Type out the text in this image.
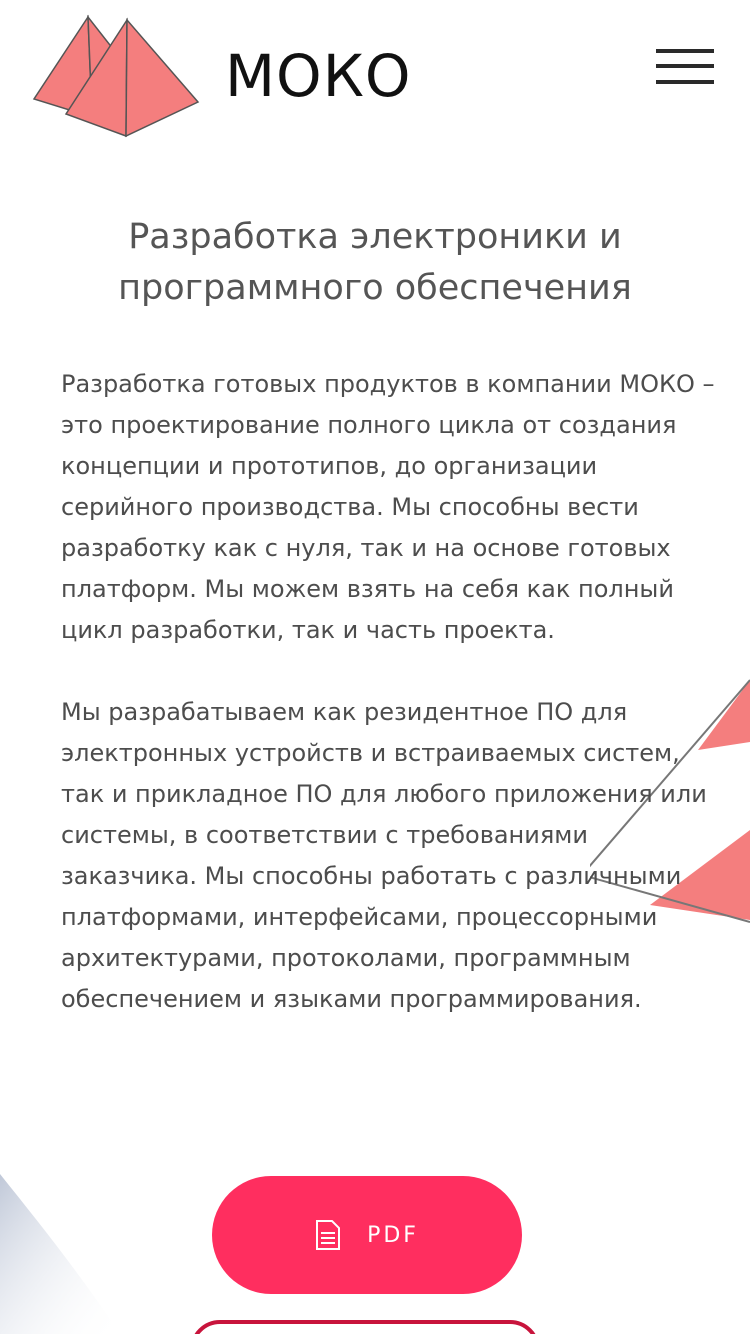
МОКО
Разработка электроники и программного обеспечения

Разработка готовых продуктов в компании МОКО – это проектирование полного цикла от создания концепции и прототипов, до организации серийного производства. Мы способны вести разработку как с нуля, так и на основе готовых платформ. Мы можем взять на себя как полный цикл разработки, так и часть проекта.

Мы разрабатываем как резидентное ПО для электронных устройств и встраиваемых систем, так и прикладное ПО для любого приложения или системы, в соответствии с требованиями заказчика. Мы способны работать с различными платформами, интерфейсами, процессорными архитектурами, протоколами, программным обеспечением и языками программирования.

PDF
